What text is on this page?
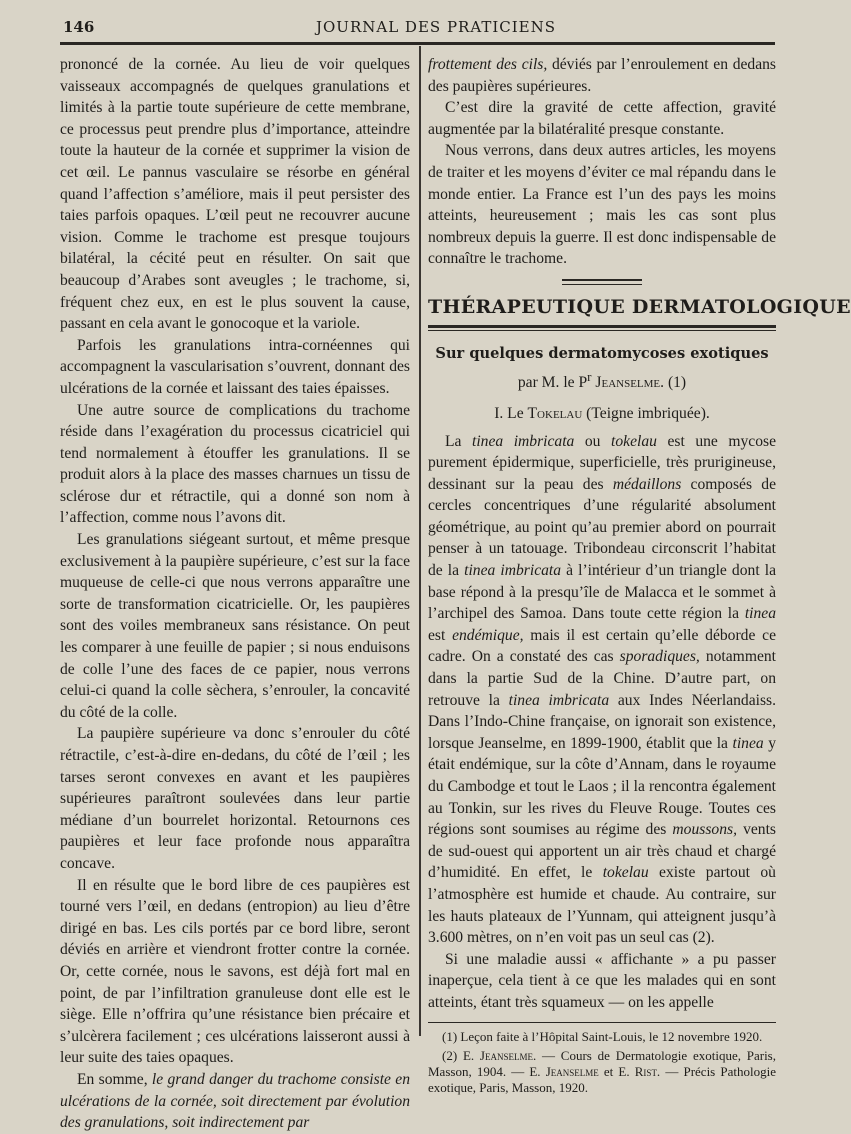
146	JOURNAL DES PRATICIENS

prononcé de la cornée. Au lieu de voir quelques vaisseaux accompagnés de quelques granulations et limités à la partie toute supérieure de cette membrane, ce processus peut prendre plus d’importance, atteindre toute la hauteur de la cornée et supprimer la vision de cet œil. Le pannus vasculaire se résorbe en général quand l’affection s’améliore, mais il peut persister des taies parfois opaques. L’œil peut ne recouvrer aucune vision. Comme le trachome est presque toujours bilatéral, la cécité peut en résulter. On sait que beaucoup d’Arabes sont aveugles ; le trachome, si, fréquent chez eux, en est le plus souvent la cause, passant en cela avant le gonocoque et la variole.

Parfois les granulations intra-cornéennes qui accompagnent la vascularisation s’ouvrent, donnant des ulcérations de la cornée et laissant des taies épaisses.

Une autre source de complications du trachome réside dans l’exagération du processus cicatriciel qui tend normalement à étouffer les granulations. Il se produit alors à la place des masses charnues un tissu de sclérose dur et rétractile, qui a donné son nom à l’affection, comme nous l’avons dit.

Les granulations siégeant surtout, et même presque exclusivement à la paupière supérieure, c’est sur la face muqueuse de celle-ci que nous verrons apparaître une sorte de transformation cicatricielle. Or, les paupières sont des voiles membraneux sans résistance. On peut les comparer à une feuille de papier ; si nous enduisons de colle l’une des faces de ce papier, nous verrons celui-ci quand la colle sèchera, s’enrouler, la concavité du côté de la colle.

La paupière supérieure va donc s’enrouler du côté rétractile, c’est-à-dire en-dedans, du côté de l’œil ; les tarses seront convexes en avant et les paupières supérieures paraîtront soulevées dans leur partie médiane d’un bourrelet horizontal. Retournons ces paupières et leur face profonde nous apparaîtra concave.

Il en résulte que le bord libre de ces paupières est tourné vers l’œil, en dedans (entropion) au lieu d’être dirigé en bas. Les cils portés par ce bord libre, seront déviés en arrière et viendront frotter contre la cornée. Or, cette cornée, nous le savons, est déjà fort mal en point, de par l’infiltration granuleuse dont elle est le siège. Elle n’offrira qu’une résistance bien précaire et s’ulcèrera facilement ; ces ulcérations laisseront aussi à leur suite des taies opaques.

En somme, le grand danger du trachome consiste en ulcérations de la cornée, soit directement par évolution des granulations, soit indirectement par

frottement des cils, déviés par l’enroulement en dedans des paupières supérieures.

C’est dire la gravité de cette affection, gravité augmentée par la bilatéralité presque constante.

Nous verrons, dans deux autres articles, les moyens de traiter et les moyens d’éviter ce mal répandu dans le monde entier. La France est l’un des pays les moins atteints, heureusement ; mais les cas sont plus nombreux depuis la guerre. Il est donc indispensable de connaître le trachome.

THÉRAPEUTIQUE DERMATOLOGIQUE
Sur quelques dermatomycoses exotiques
par M. le $P^r$ Jeanselme. (1)
I. Le Tokelau (Teigne imbriquée).

La tinea imbricata ou tokelau est une mycose purement épidermique, superficielle, très prurigineuse, dessinant sur la peau des médaillons composés de cercles concentriques d’une régularité absolument géométrique, au point qu’au premier abord on pourrait penser à un tatouage. Tribondeau circonscrit l’habitat de la tinea imbricata à l’intérieur d’un triangle dont la base répond à la presqu’île de Malacca et le sommet à l’archipel des Samoa. Dans toute cette région la tinea est endémique, mais il est certain qu’elle déborde ce cadre. On a constaté des cas sporadiques, notamment dans la partie Sud de la Chine. D’autre part, on retrouve la tinea imbricata aux Indes Néerlandaiss. Dans l’Indo-Chine française, on ignorait son existence, lorsque Jeanselme, en 1899-1900, établit que la tinea y était endémique, sur la côte d’Annam, dans le royaume du Cambodge et tout le Laos ; il la rencontra également au Tonkin, sur les rives du Fleuve Rouge. Toutes ces régions sont soumises au régime des moussons, vents de sud-ouest qui apportent un air très chaud et chargé d’humidité. En effet, le tokelau existe partout où l’atmosphère est humide et chaude. Au contraire, sur les hauts plateaux de l’Yunnam, qui atteignent jusqu’à 3.600 mètres, on n’en voit pas un seul cas (2).

Si une maladie aussi « affichante » a pu passer inaperçue, cela tient à ce que les malades qui en sont atteints, étant très squameux — on les appelle

(1) Leçon faite à l’Hôpital Saint-Louis, le 12 novembre 1920.

(2) E. Jeanselme. — Cours de Dermatologie exotique, Paris, Masson, 1904. — E. Jeanselme et E. Rist. — Précis Pathologie exotique, Paris, Masson, 1920.
